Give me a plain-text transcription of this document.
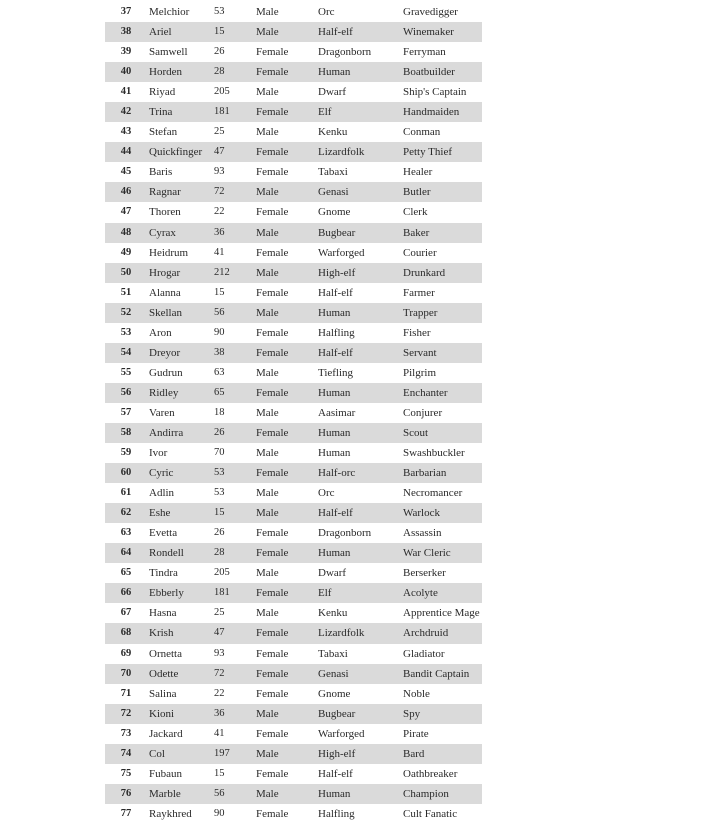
37	Melchior	53	Male	Orc	Gravedigger
38	Ariel	15	Male	Half-elf	Winemaker
39	Samwell	26	Female	Dragonborn	Ferryman
40	Horden	28	Female	Human	Boatbuilder
41	Riyad	205	Male	Dwarf	Ship's Captain
42	Trina	181	Female	Elf	Handmaiden
43	Stefan	25	Male	Kenku	Conman
44	Quickfinger	47	Female	Lizardfolk	Petty Thief
45	Baris	93	Female	Tabaxi	Healer
46	Ragnar	72	Male	Genasi	Butler
47	Thoren	22	Female	Gnome	Clerk
48	Cyrax	36	Male	Bugbear	Baker
49	Heidrum	41	Female	Warforged	Courier
50	Hrogar	212	Male	High-elf	Drunkard
51	Alanna	15	Female	Half-elf	Farmer
52	Skellan	56	Male	Human	Trapper
53	Aron	90	Female	Halfling	Fisher
54	Dreyor	38	Female	Half-elf	Servant
55	Gudrun	63	Male	Tiefling	Pilgrim
56	Ridley	65	Female	Human	Enchanter
57	Varen	18	Male	Aasimar	Conjurer
58	Andirra	26	Female	Human	Scout
59	Ivor	70	Male	Human	Swashbuckler
60	Cyric	53	Female	Half-orc	Barbarian
61	Adlin	53	Male	Orc	Necromancer
62	Eshe	15	Male	Half-elf	Warlock
63	Evetta	26	Female	Dragonborn	Assassin
64	Rondell	28	Female	Human	War Cleric
65	Tindra	205	Male	Dwarf	Berserker
66	Ebberly	181	Female	Elf	Acolyte
67	Hasna	25	Male	Kenku	Apprentice Mage
68	Krish	47	Female	Lizardfolk	Archdruid
69	Ornetta	93	Female	Tabaxi	Gladiator
70	Odette	72	Female	Genasi	Bandit Captain
71	Salina	22	Female	Gnome	Noble
72	Kioni	36	Male	Bugbear	Spy
73	Jackard	41	Female	Warforged	Pirate
74	Col	197	Male	High-elf	Bard
75	Fubaun	15	Female	Half-elf	Oathbreaker
76	Marble	56	Male	Human	Champion
77	Raykhred	90	Female	Halfling	Cult Fanatic
